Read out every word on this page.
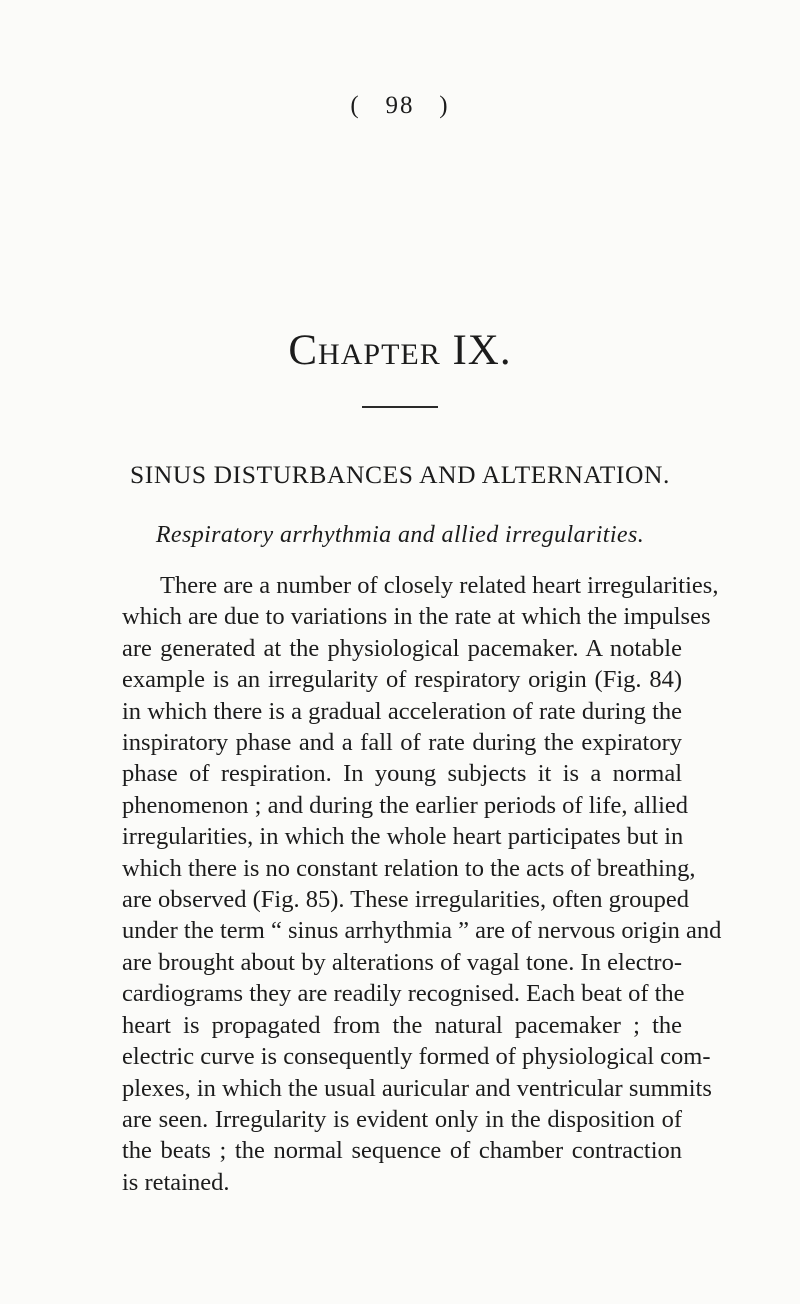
(   98   )
Chapter IX.
SINUS DISTURBANCES AND ALTERNATION.
Respiratory arrhythmia and allied irregularities.
There are a number of closely related heart irregularities,
which are due to variations in the rate at which the impulses
are generated at the physiological pacemaker. A notable
example is an irregularity of respiratory origin (Fig. 84)
in which there is a gradual acceleration of rate during the
inspiratory phase and a fall of rate during the expiratory
phase of respiration. In young subjects it is a normal
phenomenon ; and during the earlier periods of life, allied
irregularities, in which the whole heart participates but in
which there is no constant relation to the acts of breathing,
are observed (Fig. 85). These irregularities, often grouped
under the term “ sinus arrhythmia ” are of nervous origin and
are brought about by alterations of vagal tone. In electro-
cardiograms they are readily recognised. Each beat of the
heart is propagated from the natural pacemaker ; the
electric curve is consequently formed of physiological com-
plexes, in which the usual auricular and ventricular summits
are seen. Irregularity is evident only in the disposition of
the beats ; the normal sequence of chamber contraction
is retained.
